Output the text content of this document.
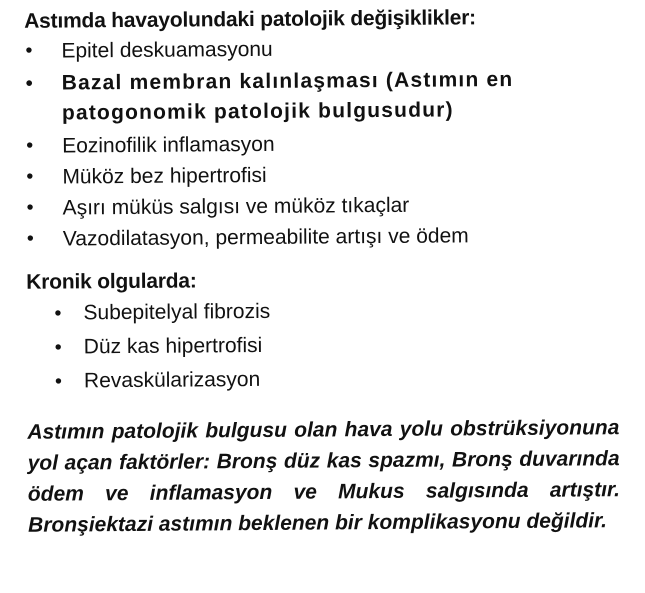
Astımda havayolundaki patolojik değişiklikler:
• Epitel deskuamasyonu
• Bazal membran kalınlaşması (Astımın en patogonomik patolojik bulgusudur)
• Eozinofilik inflamasyon
• Müköz bez hipertrofisi
• Aşırı müküs salgısı ve müköz tıkaçlar
• Vazodilatasyon, permeabilite artışı ve ödem
Kronik olgularda:
• Subepitelyal fibrozis
• Düz kas hipertrofisi
• Revaskülarizasyon

Astımın patolojik bulgusu olan hava yolu obstrüksiyonuna yol açan faktörler: Bronş düz kas spazmı, Bronş duvarında ödem ve inflamasyon ve Mukus salgısında artıştır. Bronşiektazi astımın beklenen bir komplikasyonu değildir.
